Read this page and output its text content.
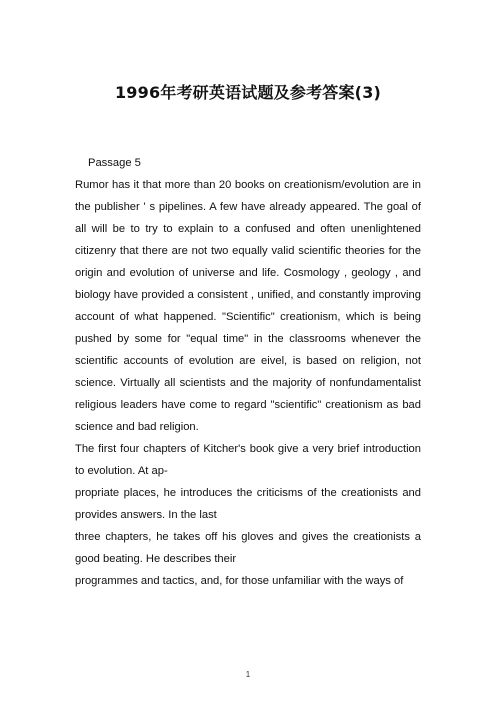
1996年考研英语试题及参考答案(3)

Passage 5

Rumor has it that more than 20 books on creationism/evolution are in the publisher ' s pipelines. A few have already appeared. The goal of all will be to try to explain to a confused and often unenlightened citizenry that there are not two equally valid scientific theories for the origin and evolution of universe and life. Cosmology , geology , and biology have provided a consistent , unified, and constantly improving account of what happened. "Scientific" creationism, which is being pushed by some for "equal time" in the classrooms whenever the scientific accounts of evolution are eivel, is based on religion, not science. Virtually all scientists and the majority of nonfundamentalist religious leaders have come to regard "scientific" creationism as bad science and bad religion.

The first four chapters of Kitcher's book give a very brief introduction to evolution. At ap-

propriate places, he introduces the criticisms of the creationists and provides answers. In the last

three chapters, he takes off his gloves and gives the creationists a good beating. He describes their

programmes and tactics, and, for those unfamiliar with the ways of

1
